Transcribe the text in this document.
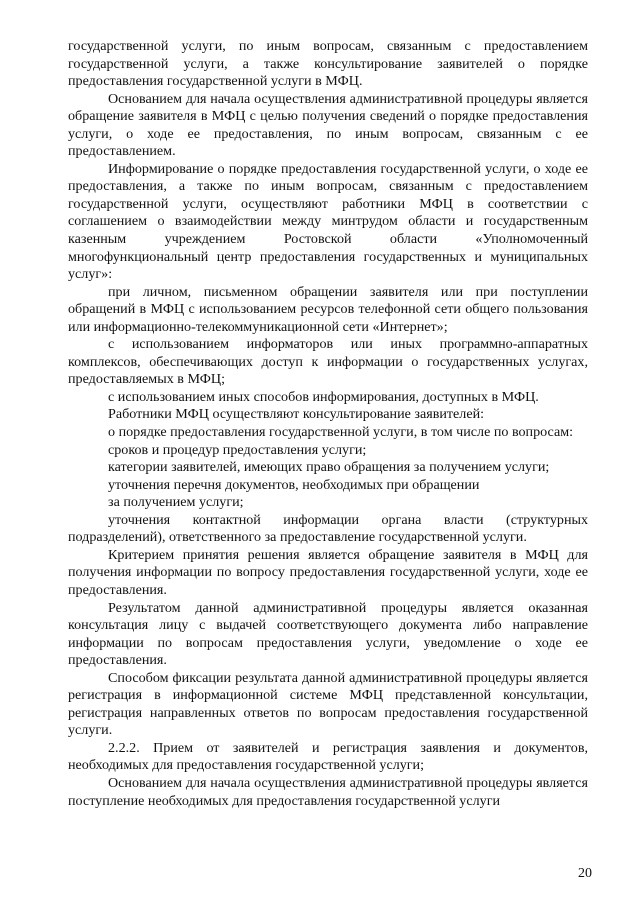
государственной услуги, по иным вопросам, связанным с предоставлением государственной услуги, а также консультирование заявителей о порядке предоставления государственной услуги в МФЦ.

Основанием для начала осуществления административной процедуры является обращение заявителя в МФЦ с целью получения сведений о порядке предоставления услуги, о ходе ее предоставления, по иным вопросам, связанным с ее предоставлением.

Информирование о порядке предоставления государственной услуги, о ходе ее предоставления, а также по иным вопросам, связанным с предоставлением государственной услуги, осуществляют работники МФЦ в соответствии с соглашением о взаимодействии между минтрудом области и государственным казенным учреждением Ростовской области «Уполномоченный многофункциональный центр предоставления государственных и муниципальных услуг»:

при личном, письменном обращении заявителя или при поступлении обращений в МФЦ с использованием ресурсов телефонной сети общего пользования или информационно-телекоммуникационной сети «Интернет»;

с использованием информаторов или иных программно-аппаратных комплексов, обеспечивающих доступ к информации о государственных услугах, предоставляемых в МФЦ;

с использованием иных способов информирования, доступных в МФЦ.

Работники МФЦ осуществляют консультирование заявителей:

о порядке предоставления государственной услуги, в том числе по вопросам:

сроков и процедур предоставления услуги;

категории заявителей, имеющих право обращения за получением услуги;

уточнения перечня документов, необходимых при обращении

за получением услуги;

уточнения контактной информации органа власти (структурных подразделений), ответственного за предоставление государственной услуги.

Критерием принятия решения является обращение заявителя в МФЦ для получения информации по вопросу предоставления государственной услуги, ходе ее предоставления.

Результатом данной административной процедуры является оказанная консультация лицу с выдачей соответствующего документа либо направление информации по вопросам предоставления услуги, уведомление о ходе ее предоставления.

Способом фиксации результата данной административной процедуры является регистрация в информационной системе МФЦ представленной консультации, регистрация направленных ответов по вопросам предоставления государственной услуги.

2.2.2. Прием от заявителей и регистрация заявления и документов, необходимых для предоставления государственной услуги;

Основанием для начала осуществления административной процедуры является поступление необходимых для предоставления государственной услуги

20
